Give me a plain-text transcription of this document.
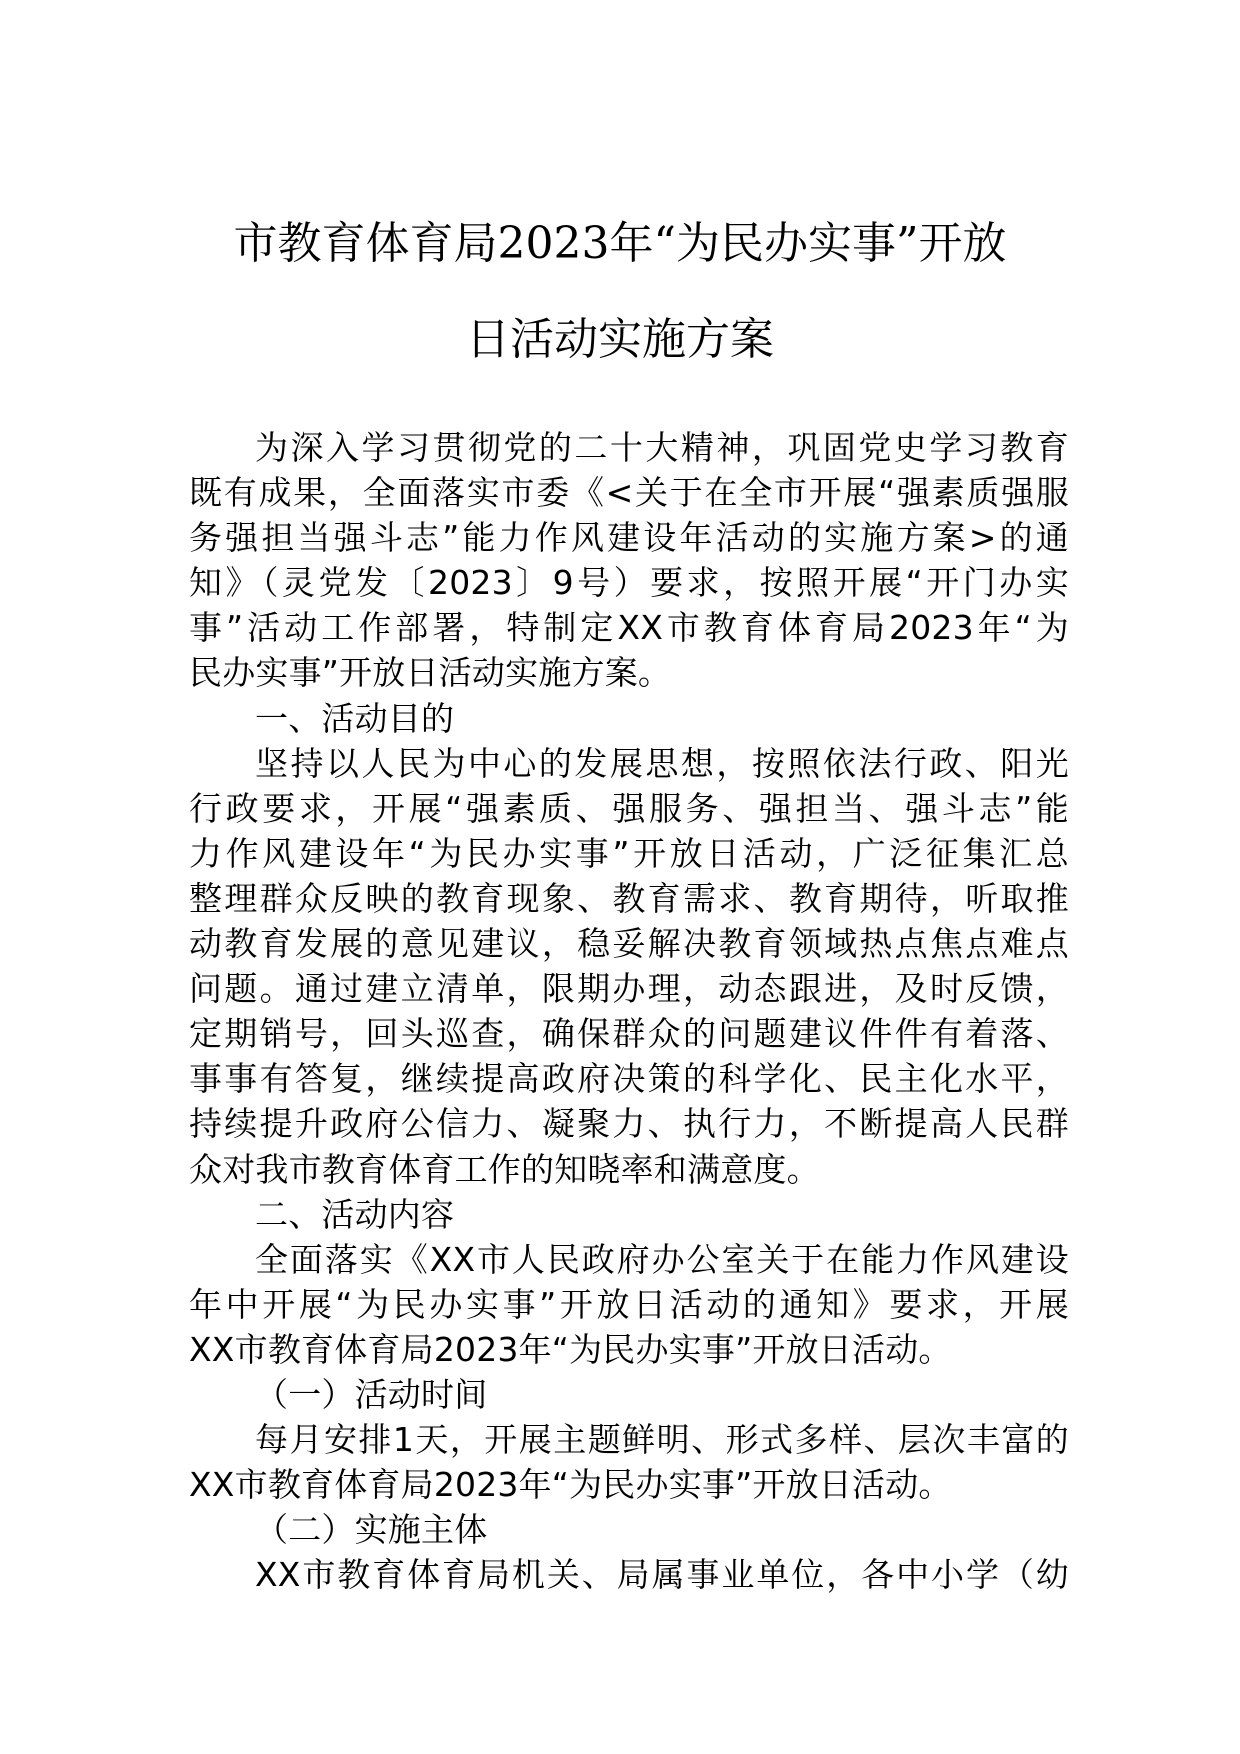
市教育体育局2023年“为民办实事”开放
日活动实施方案
为深入学习贯彻党的二十大精神，巩固党史学习教育
既有成果，全面落实市委《<关于在全市开展“强素质强服
务强担当强斗志”能力作风建设年活动的实施方案>的通
知》（灵党发〔2023〕9号）要求，按照开展“开门办实
事”活动工作部署，特制定XX市教育体育局2023年“为
民办实事”开放日活动实施方案。
一、活动目的
坚持以人民为中心的发展思想，按照依法行政、阳光
行政要求，开展“强素质、强服务、强担当、强斗志”能
力作风建设年“为民办实事”开放日活动，广泛征集汇总
整理群众反映的教育现象、教育需求、教育期待，听取推
动教育发展的意见建议，稳妥解决教育领域热点焦点难点
问题。通过建立清单，限期办理，动态跟进，及时反馈，
定期销号，回头巡查，确保群众的问题建议件件有着落、
事事有答复，继续提高政府决策的科学化、民主化水平，
持续提升政府公信力、凝聚力、执行力，不断提高人民群
众对我市教育体育工作的知晓率和满意度。
二、活动内容
全面落实《XX市人民政府办公室关于在能力作风建设
年中开展“为民办实事”开放日活动的通知》要求，开展
XX市教育体育局2023年“为民办实事”开放日活动。
（一）活动时间
每月安排1天，开展主题鲜明、形式多样、层次丰富的
XX市教育体育局2023年“为民办实事”开放日活动。
（二）实施主体
XX市教育体育局机关、局属事业单位，各中小学（幼
